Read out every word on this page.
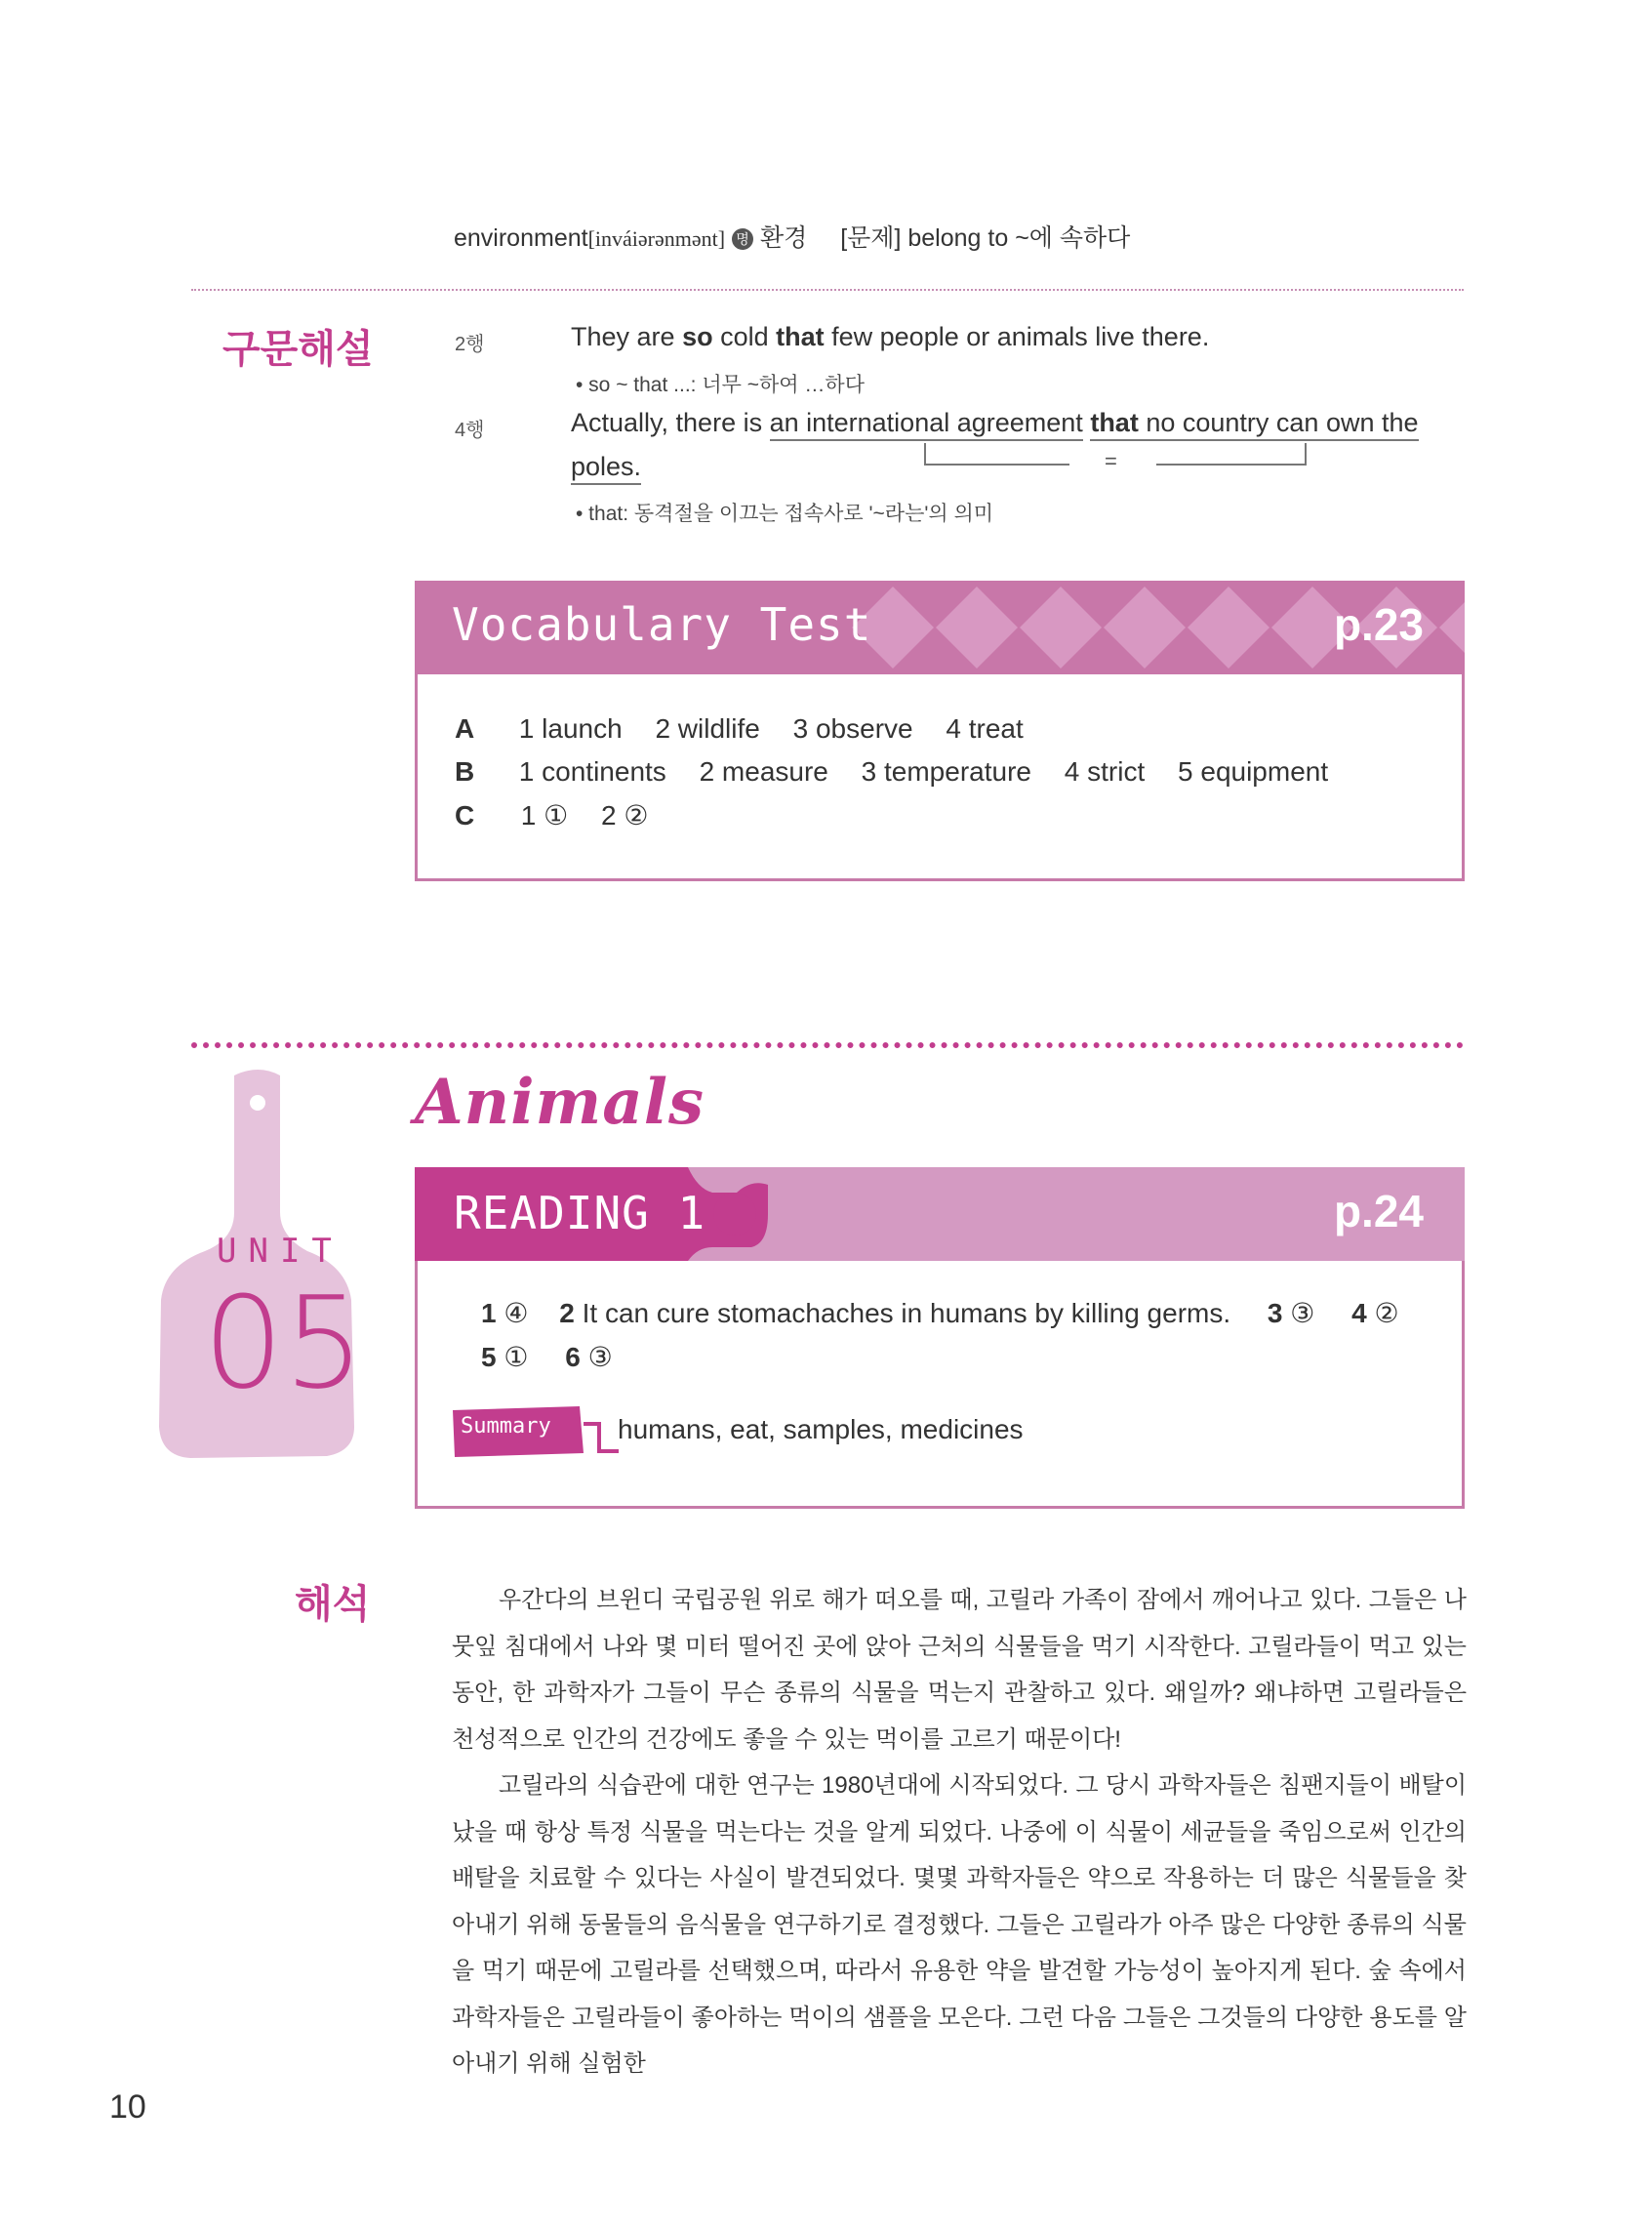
environment[inváiərənmənt] 명 환경 [문제] belong to ~에 속하다
구문해설	2행	They are so cold that few people or animals live there.
• so ~ that ...: 너무 ~하여 …하다
4행	Actually, there is an international agreement that no country can own the
poles.	=
• that: 동격절을 이끄는 접속사로 '~라는'의 의미
Vocabulary Test	p.23
A 1 launch 2 wildlife 3 observe 4 treat
B 1 continents 2 measure 3 temperature 4 strict 5 equipment
C 1 ① 2 ②
UNIT
05
Animals
READING 1	p.24
1 ④ 2 It can cure stomachaches in humans by killing germs. 3 ③ 4 ②
5 ① 6 ③
Summary humans, eat, samples, medicines
해석	우간다의 브윈디 국립공원 위로 해가 떠오를 때, 고릴라 가족이 잠에서 깨어나고 있다. 그들은 나뭇잎 침대에서 나와 몇 미터 떨어진 곳에 앉아 근처의 식물들을 먹기 시작한다. 고릴라들이 먹고 있는 동안, 한 과학자가 그들이 무슨 종류의 식물을 먹는지 관찰하고 있다. 왜일까? 왜냐하면 고릴라들은 천성적으로 인간의 건강에도 좋을 수 있는 먹이를 고르기 때문이다!

고릴라의 식습관에 대한 연구는 1980년대에 시작되었다. 그 당시 과학자들은 침팬지들이 배탈이 났을 때 항상 특정 식물을 먹는다는 것을 알게 되었다. 나중에 이 식물이 세균들을 죽임으로써 인간의 배탈을 치료할 수 있다는 사실이 발견되었다. 몇몇 과학자들은 약으로 작용하는 더 많은 식물들을 찾아내기 위해 동물들의 음식물을 연구하기로 결정했다. 그들은 고릴라가 아주 많은 다양한 종류의 식물을 먹기 때문에 고릴라를 선택했으며, 따라서 유용한 약을 발견할 가능성이 높아지게 된다. 숲 속에서 과학자들은 고릴라들이 좋아하는 먹이의 샘플을 모은다. 그런 다음 그들은 그것들의 다양한 용도를 알아내기 위해 실험한

10
